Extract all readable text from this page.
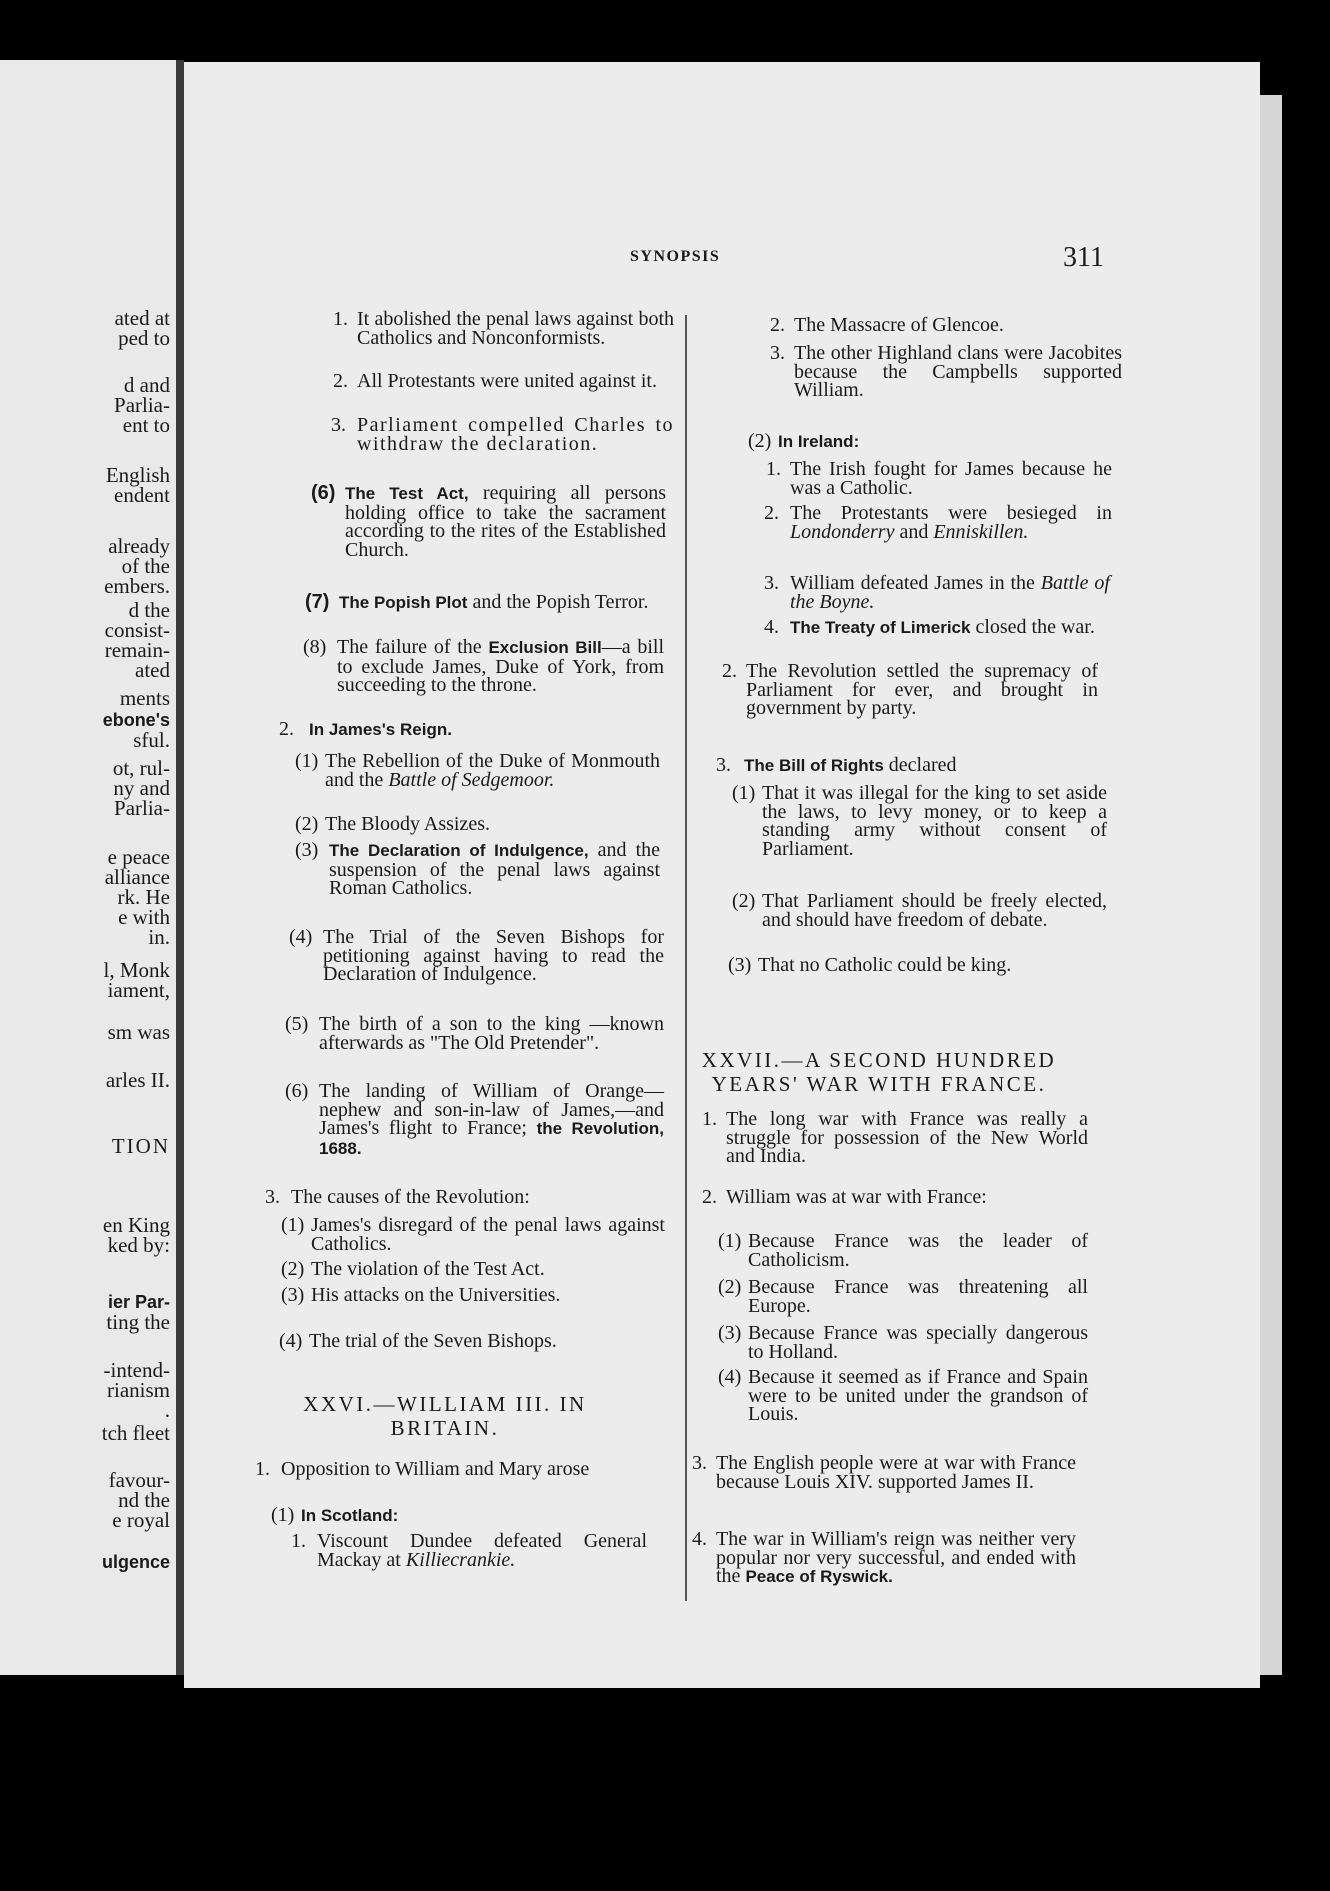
ated at
ped to
d and
Parlia-
ent to
English
endent
already
of the
embers.
d the
consist-
remain-
ated
ments
ebone's
sful.
ot, rul-
ny and
Parlia-
e peace
alliance
rk. He
e with
in.
l, Monk
iament,
sm was
arles II.
TION
en King
ked by:
ier Par-
ting the
-intend-
rianism
.
tch fleet
favour-
nd the
e royal
ulgence
SYNOPSIS	311
1. It abolished the penal laws against both Catholics and Nonconformists.
2. All Protestants were united against it.
3. Parliament compelled Charles to withdraw the declaration.
(6) The Test Act, requiring all persons holding office to take the sacrament according to the rites of the Established Church.
(7) The Popish Plot and the Popish Terror.
(8) The failure of the Exclusion Bill—a bill to exclude James, Duke of York, from succeeding to the throne.
2. In James's Reign.
(1) The Rebellion of the Duke of Monmouth and the Battle of Sedgemoor.
(2) The Bloody Assizes.
(3) The Declaration of Indulgence, and the suspension of the penal laws against Roman Catholics.
(4) The Trial of the Seven Bishops for petitioning against having to read the Declaration of Indulgence.
(5) The birth of a son to the king —known afterwards as "The Old Pretender".
(6) The landing of William of Orange—nephew and son-in-law of James,—and James's flight to France; the Revolution, 1688.
3. The causes of the Revolution:
(1) James's disregard of the penal laws against Catholics.
(2) The violation of the Test Act.
(3) His attacks on the Universities.
(4) The trial of the Seven Bishops.
XXVI.—WILLIAM III. IN BRITAIN.
1. Opposition to William and Mary arose
(1) In Scotland:
1. Viscount Dundee defeated General Mackay at Killiecrankie.
2. The Massacre of Glencoe.
3. The other Highland clans were Jacobites because the Campbells supported William.
(2) In Ireland:
1. The Irish fought for James because he was a Catholic.
2. The Protestants were besieged in Londonderry and Enniskillen.
3. William defeated James in the Battle of the Boyne.
4. The Treaty of Limerick closed the war.
2. The Revolution settled the supremacy of Parliament for ever, and brought in government by party.
3. The Bill of Rights declared
(1) That it was illegal for the king to set aside the laws, to levy money, or to keep a standing army without consent of Parliament.
(2) That Parliament should be freely elected, and should have freedom of debate.
(3) That no Catholic could be king.
XXVII.—A SECOND HUNDRED YEARS' WAR WITH FRANCE.
1. The long war with France was really a struggle for possession of the New World and India.
2. William was at war with France:
(1) Because France was the leader of Catholicism.
(2) Because France was threatening all Europe.
(3) Because France was specially dangerous to Holland.
(4) Because it seemed as if France and Spain were to be united under the grandson of Louis.
3. The English people were at war with France because Louis XIV. supported James II.
4. The war in William's reign was neither very popular nor very successful, and ended with the Peace of Ryswick.
